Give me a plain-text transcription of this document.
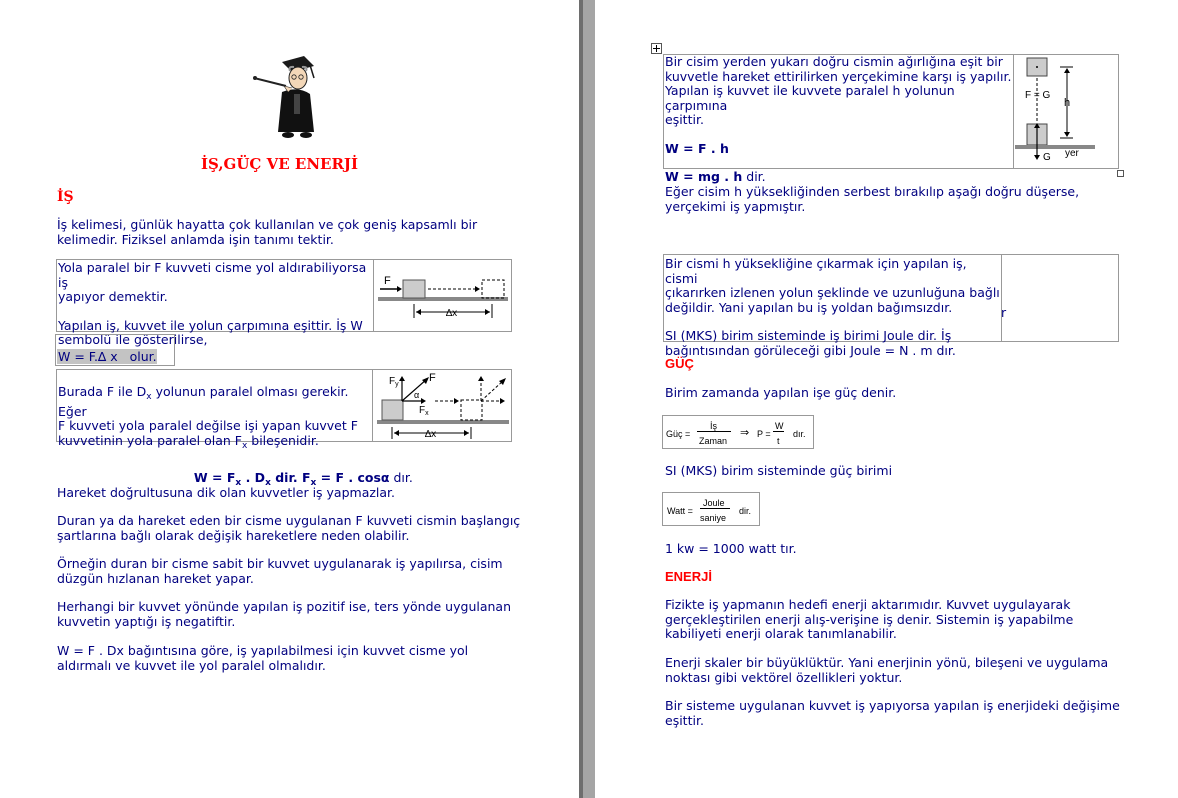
İŞ,GÜÇ VE ENERJİ
İŞ
İş kelimesi, günlük hayatta çok kullanılan ve çok geniş kapsamlı bir
kelimedir. Fiziksel anlamda işin tanımı tektir.
Yola paralel bir F kuvveti cisme yol aldırabiliyorsa iş
yapıyor demektir.
Yapılan iş, kuvvet ile yolun çarpımına eşittir. İş W
sembolü ile gösterilirse,
F
∆x
W = F.∆ x   olur.
Burada F ile $D_x$ yolunun paralel olması gerekir. Eğer
F kuvveti yola paralel değilse işi yapan kuvvet F
kuvvetinin yola paralel olan $F_x$ bileşenidir.
$F_y$
F
α
$F_x$
∆x

$W = F_x$ . $D_x$ dir. $F_x = F$ . cosα dır.

Hareket doğrultusuna dik olan kuvvetler iş yapmazlar.
Duran ya da hareket eden bir cisme uygulanan F kuvveti cismin başlangıç
şartlarına bağlı olarak değişik hareketlere neden olabilir.
Örneğin duran bir cisme sabit bir kuvvet uygulanarak iş yapılırsa, cisim
düzgün hızlanan hareket yapar.
Herhangi bir kuvvet yönünde yapılan iş pozitif ise, ters yönde uygulanan
kuvvetin yaptığı iş negatiftir.
W = F . Dx bağıntısına göre, iş yapılabilmesi için kuvvet cisme yol
aldırmalı ve kuvvet ile yol paralel olmalıdır.
Bir cisim yerden yukarı doğru cismin ağırlığına eşit bir
kuvvetle hareket ettirilirken yerçekimine karşı iş yapılır.
Yapılan iş kuvvet ile kuvvete paralel h yolunun çarpımına
eşittir.
W = F . h
W = mg . h dir.
F = G
h
G yer
Eğer cisim h yüksekliğinden serbest bırakılıp aşağı doğru düşerse,
yerçekimi iş yapmıştır.
Bir cismi h yüksekliğine çıkarmak için yapılan iş, cismi
çıkarırken izlenen yolun şeklinde ve uzunluğuna bağlı
değildir. Yani yapılan bu iş yoldan bağımsızdır.
SI (MKS) birim sisteminde iş birimi Joule dir. İş
bağıntısından görüleceği gibi Joule = N . m dır.
r
GÜÇ
Birim zamanda yapılan işe güç denir.
Güç =
İş
Zaman
⇒ P =
W
t
dır.
SI (MKS) birim sisteminde güç birimi
Watt =
Joule
saniye
dir.
1 kw = 1000 watt tır.
ENERJİ
Fizikte iş yapmanın hedefi enerji aktarımıdır. Kuvvet uygulayarak
gerçekleştirilen enerji alış-verişine iş denir. Sistemin iş yapabilme
kabiliyeti enerji olarak tanımlanabilir.
Enerji skaler bir büyüklüktür. Yani enerjinin yönü, bileşeni ve uygulama
noktası gibi vektörel özellikleri yoktur.
Bir sisteme uygulanan kuvvet iş yapıyorsa yapılan iş enerjideki değişime
eşittir.
